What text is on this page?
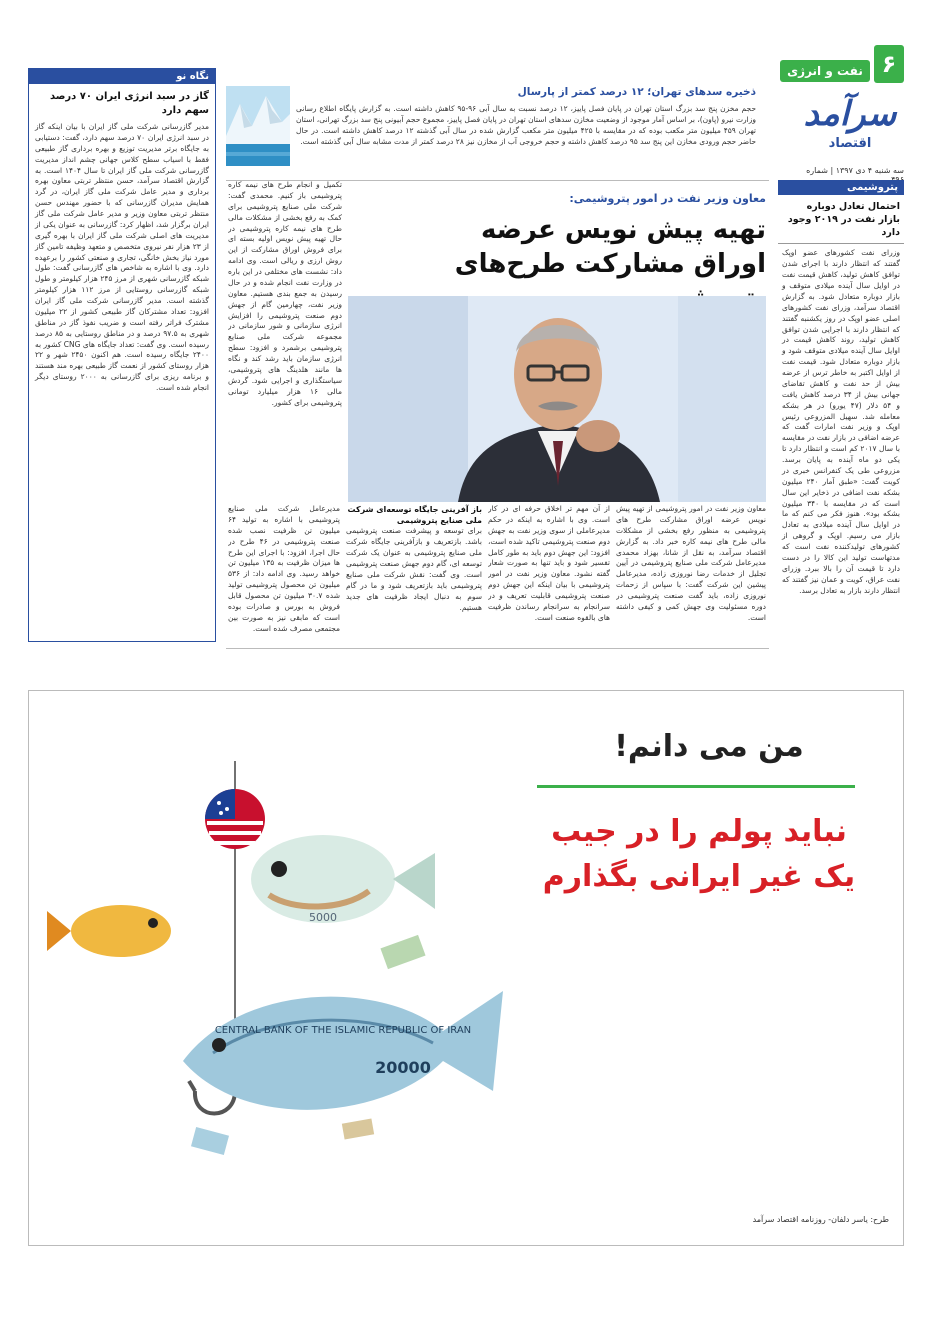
۶
نفت و انرژی
سرآمد
اقتصاد
سه شنبه ۴ دی ۱۳۹۷ | شماره
پتروشیمی
احتمال تعادل دوباره بازار نفت در ۲۰۱۹ وجود دارد
وزرای نفت کشورهای عضو اوپک گفتند که انتظار دارند با اجرای شدن توافق کاهش تولید، کاهش قیمت نفت در اوایل سال آینده میلادی متوقف و بازار دوباره متعادل شود. به گزارش اقتصاد سرآمد، وزرای نفت کشورهای اصلی عضو اوپک در روز یکشنبه گفتند که انتظار دارند با اجرایی شدن توافق کاهش تولید، روند کاهش قیمت در اوایل سال آینده میلادی متوقف شود و بازار دوباره متعادل شود. قیمت نفت از اوایل اکتبر به خاطر ترس از عرضه بیش از حد نفت و کاهش تقاضای جهانی بیش از ۳۴ درصد کاهش یافت و ۵۴ دلار (۴۷ یورو) در هر بشکه معامله شد. سهیل المزروعی رئیس اوپک و وزیر نفت امارات گفت که عرضه اضافی در بازار نفت در مقایسه با سال ۲۰۱۷ کم است و انتظار دارد تا یکی دو ماه آینده به پایان برسد. مزروعی طی یک کنفرانس خبری در کویت گفت: «طبق آمار ۲۴۰ میلیون بشکه نفت اضافی در ذخایر این سال است که در مقایسه با ۳۴۰ میلیون بشکه بود». هنوز فکر می کنم که ما در اوایل سال آینده میلادی به تعادل بازار می رسیم. اوپک و گروهی از کشورهای تولیدکننده نفت است که مدتهاست تولید این کالا را در دست دارد تا قیمت آن را بالا ببرد. وزرای نفت عراق، کویت و عمان نیز گفتند که انتظار دارند بازار به تعادل برسد.
نگاه نو
گاز در سبد انرژی ایران ۷۰ درصد سهم دارد
مدیر گازرسانی شرکت ملی گاز ایران با بیان اینکه گاز در سبد انرژی ایران ۷۰ درصد سهم دارد، گفت: دستیابی به جایگاه برتر مدیریت توزیع و بهره برداری گاز طبیعی فقط با اسیاب سطح کلاس جهانی چشم انداز مدیریت گازرسانی شرکت ملی گاز ایران تا سال ۱۴۰۴ است. به گزارش اقتصاد سرآمد، حسن منتظر تربتی معاون بهره برداری و مدیر عامل شرکت ملی گاز ایران، در گرد همایش مدیران گازرسانی که با حضور مهندس حسن منتظر تربتی معاون وزیر و مدیر عامل شرکت ملی گاز ایران برگزار شد، اظهار کرد: گازرسانی به عنوان یکی از مدیریت های اصلی شرکت ملی گاز ایران با بهره گیری از ۲۳ هزار نفر نیروی متخصص و متعهد وظیفه تامین گاز مورد نیاز بخش خانگی، تجاری و صنعتی کشور را برعهده دارد. وی با اشاره به شاخص های گازرسانی گفت: طول شبکه گازرسانی شهری از مرز ۲۴۵ هزار کیلومتر و طول شبکه گازرسانی روستایی از مرز ۱۱۲ هزار کیلومتر گذشته است. مدیر گازرسانی شرکت ملی گاز ایران افزود: تعداد مشترکان گاز طبیعی کشور از ۲۲ میلیون مشترک فراتر رفته است و ضریب نفوذ گاز در مناطق شهری به ۹۷.۵ درصد و در مناطق روستایی به ۸۵ درصد رسیده است. وی گفت: تعداد جایگاه های CNG کشور به ۲۴۰۰ جایگاه رسیده است. هم اکنون ۲۴۵۰ شهر و ۲۲ هزار روستای کشور از نعمت گاز طبیعی بهره مند هستند و برنامه ریزی برای گازرسانی به ۲۰۰۰ روستای دیگر انجام شده است.
ذخیره سدهای تهران؛ ۱۲ درصد کمتر از پارسال
حجم مخزن پنج سد بزرگ استان تهران در پایان فصل پاییز، ۱۲ درصد نسبت به سال آبی ۹۶-۹۵ کاهش داشته است. به گزارش پایگاه اطلاع رسانی وزارت نیرو (پاون)، بر اساس آمار موجود از وضعیت مخازن سدهای استان تهران در پایان فصل پاییز، مجموع حجم آبیونی پنج سد بزرگ تهرانی، استان تهران ۴۵۹ میلیون متر مکعب بوده که در مقایسه با ۴۲۵ میلیون متر مکعب گزارش شده در سال آبی گذشته ۱۲ درصد کاهش داشته است. در حال حاضر حجم ورودی مخازن این پنج سد ۹۵ درصد کاهش داشته و حجم خروجی آب از مخازن نیز ۲۸ درصد کمتر از مدت مشابه سال آبی گذشته است.
معاون وزیر نفت در امور پتروشیمی:
تهیه پیش نویس عرضه اوراق مشارکت طرح‌های
تکمیل و انجام طرح های نیمه کاره پتروشیمی باز کنیم. محمدی گفت: شرکت ملی صنایع پتروشیمی برای کمک به رفع بخشی از مشکلات مالی طرح های نیمه کاره پتروشیمی در حال تهیه پیش نویس اولیه بسته ای برای فروش اوراق مشارکت از این روش ارزی و ریالی است. وی ادامه داد: نشست های مختلفی در این باره در وزارت نفت انجام شده و در حال رسیدن به جمع بندی هستیم. معاون وزیر نفت، چهارمین گام از جهش دوم صنعت پتروشیمی را افزایش انرژی سازمانی و شور سازمانی در مجموعه شرکت ملی صنایع پتروشیمی برشمرد و افزود: سطح انرژی سازمان باید رشد کند و نگاه ها مانند هلدینگ های پتروشیمی، سیاستگذاری و اجرایی شود. گردش مالی ۱۶ هزار میلیارد تومانی پتروشیمی برای کشور.
معاون وزیر نفت در امور پتروشیمی از تهیه پیش نویس عرضه اوراق مشارکت طرح های پتروشیمی به منظور رفع بخشی از مشکلات مالی طرح های نیمه کاره خبر داد. به گزارش اقتصاد سرآمد، به نقل از شانا، بهزاد محمدی مدیرعامل شرکت ملی صنایع پتروشیمی در آیین تجلیل از خدمات رضا نوروزی زاده، مدیرعامل پیشین این شرکت گفت: با سپاس از زحمات نوروزی زاده، باید گفت صنعت پتروشیمی در دوره مسئولیت وی جهش کمی و کیفی داشته است.
از آن مهم تر اخلاق حرفه ای در کار است. وی با اشاره به اینکه در حکم مدیرعاملی از سوی وزیر نفت به جهش دوم صنعت پتروشیمی تاکید شده است، افزود: این جهش دوم باید به طور کامل تفسیر شود و باید تنها به صورت شعار گفته نشود. معاون وزیر نفت در امور پتروشیمی با بیان اینکه این جهش دوم صنعت پتروشیمی قابلیت تعریف و در سرانجام به سرانجام رساندن ظرفیت های بالقوه صنعت است.
باز آفرینی جایگاه توسعه‌ای شرکت ملی صنایع پتروشیمی
برای توسعه و پیشرفت صنعت پتروشیمی باشد. بازتعریف و بازآفرینی جایگاه شرکت ملی صنایع پتروشیمی به عنوان یک شرکت توسعه ای، گام دوم جهش صنعت پتروشیمی است. وی گفت: نقش شرکت ملی صنایع پتروشیمی باید بازتعریف شود و ما در گام سوم به دنبال ایجاد ظرفیت های جدید هستیم.
مدیرعامل شرکت ملی صنایع پتروشیمی با اشاره به تولید ۶۴ میلیون تن ظرفیت نصب شده صنعت پتروشیمی در ۴۶ طرح در حال اجرا، افزود: با اجرای این طرح ها میزان ظرفیت به ۱۳۵ میلیون تن خواهد رسید. وی ادامه داد: از ۵۳۶ میلیون تن محصول پتروشیمی تولید شده ۳۰.۷ میلیون تن محصول قابل فروش به بورس و صادرات بوده است که مابقی نیز به صورت بین مجتمعی مصرف شده است.
من می دانم!
نباید پولم را در جیب یک غیر ایرانی بگذارم
5000
CENTRAL BANK OF THE ISLAMIC REPUBLIC OF IRAN
20000
طرح: یاسر دلفان- روزنامه اقتصاد سرآمد
